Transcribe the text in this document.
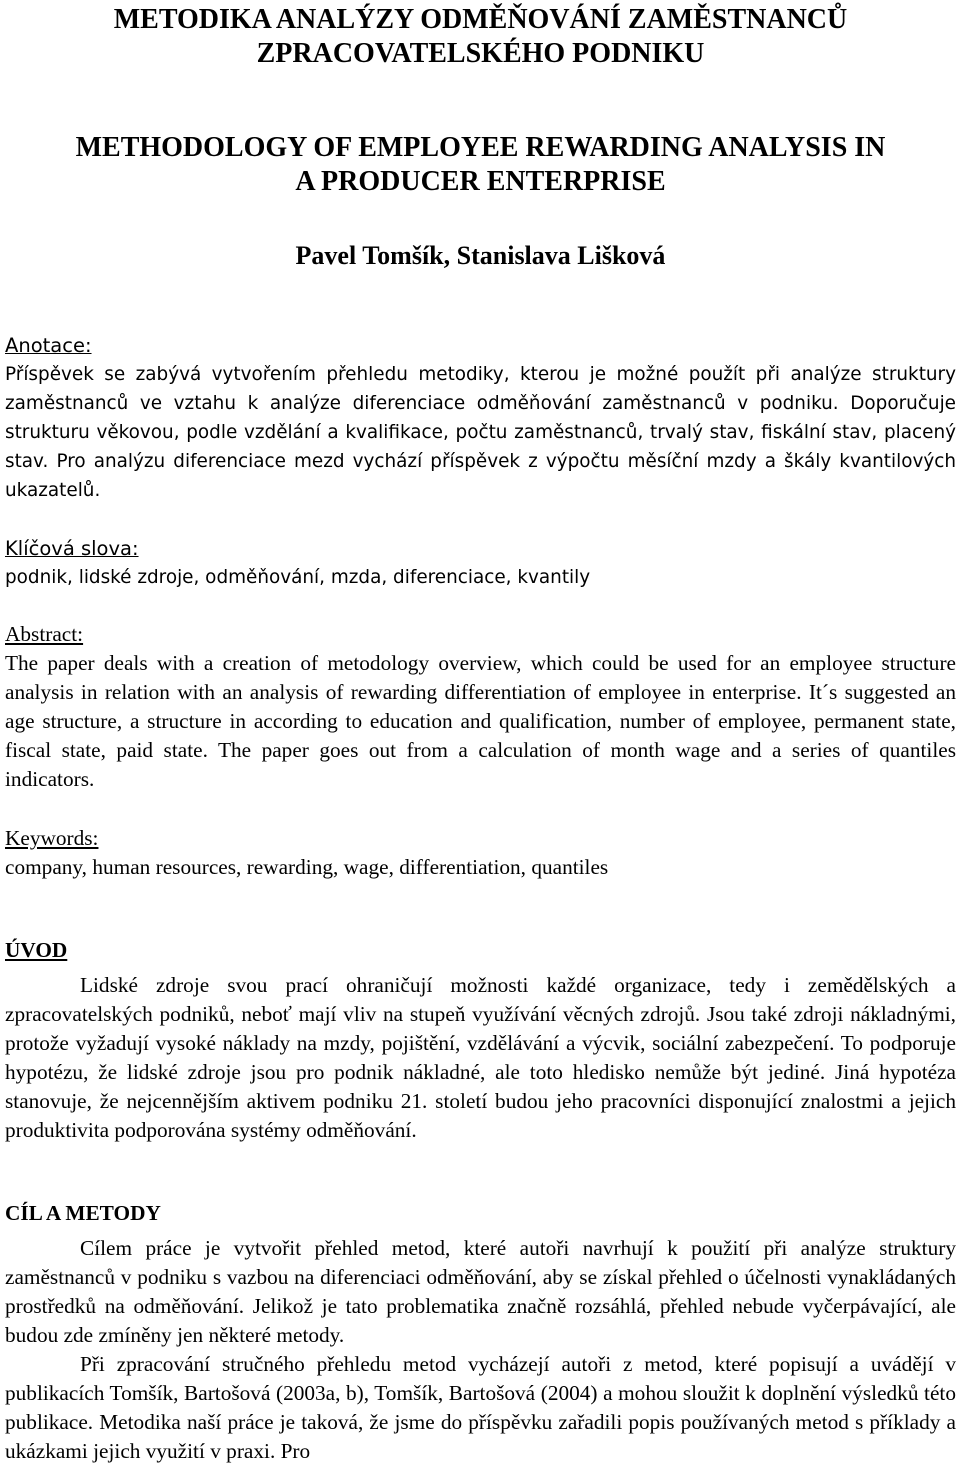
METODIKA ANALÝZY ODMĚŇOVÁNÍ ZAMĚSTNANCŮ
ZPRACOVATELSKÉHO PODNIKU
METHODOLOGY OF EMPLOYEE REWARDING ANALYSIS IN
A PRODUCER ENTERPRISE
Pavel Tomšík, Stanislava Lišková
Anotace:

Příspěvek se zabývá vytvořením přehledu metodiky, kterou je možné použít při analýze struktury zaměstnanců ve vztahu k analýze diferenciace odměňování zaměstnanců v podniku. Doporučuje strukturu věkovou, podle vzdělání a kvalifikace, počtu zaměstnanců, trvalý stav, fiskální stav, placený stav. Pro analýzu diferenciace mezd vychází příspěvek z výpočtu měsíční mzdy a škály kvantilových ukazatelů.

Klíčová slova:

podnik, lidské zdroje, odměňování, mzda, diferenciace, kvantily

Abstract:

The paper deals with a creation of metodology overview, which could be used for an employee structure analysis in relation with an analysis of rewarding differentiation of employee in enterprise. It´s suggested an age structure, a structure in according to education and qualification, number of employee, permanent state, fiscal state, paid state. The paper goes out from a calculation of month wage and a series of quantiles indicators.

Keywords:

company, human resources, rewarding, wage, differentiation, quantiles

ÚVOD

Lidské zdroje svou prací ohraničují možnosti každé organizace, tedy i zemědělských a zpracovatelských podniků, neboť mají vliv na stupeň využívání věcných zdrojů. Jsou také zdroji nákladnými, protože vyžadují vysoké náklady na mzdy, pojištění, vzdělávání a výcvik, sociální zabezpečení. To podporuje hypotézu, že lidské zdroje jsou pro podnik nákladné, ale toto hledisko nemůže být jediné. Jiná hypotéza stanovuje, že nejcennějším aktivem podniku 21. století budou jeho pracovníci disponující znalostmi a jejich produktivita podporována systémy odměňování.

CÍL A METODY

Cílem práce je vytvořit přehled metod, které autoři navrhují k použití při analýze struktury zaměstnanců v podniku s vazbou na diferenciaci odměňování, aby se získal přehled o účelnosti vynakládaných prostředků na odměňování. Jelikož je tato problematika značně rozsáhlá, přehled nebude vyčerpávající, ale budou zde zmíněny jen některé metody.

Při zpracování stručného přehledu metod vycházejí autoři z metod, které popisují a uvádějí v publikacích Tomšík, Bartošová (2003a, b), Tomšík, Bartošová (2004) a mohou sloužit k doplnění výsledků této publikace. Metodika naší práce je taková, že jsme do příspěvku zařadili popis používaných metod s příklady a ukázkami jejich využití v praxi. Pro
